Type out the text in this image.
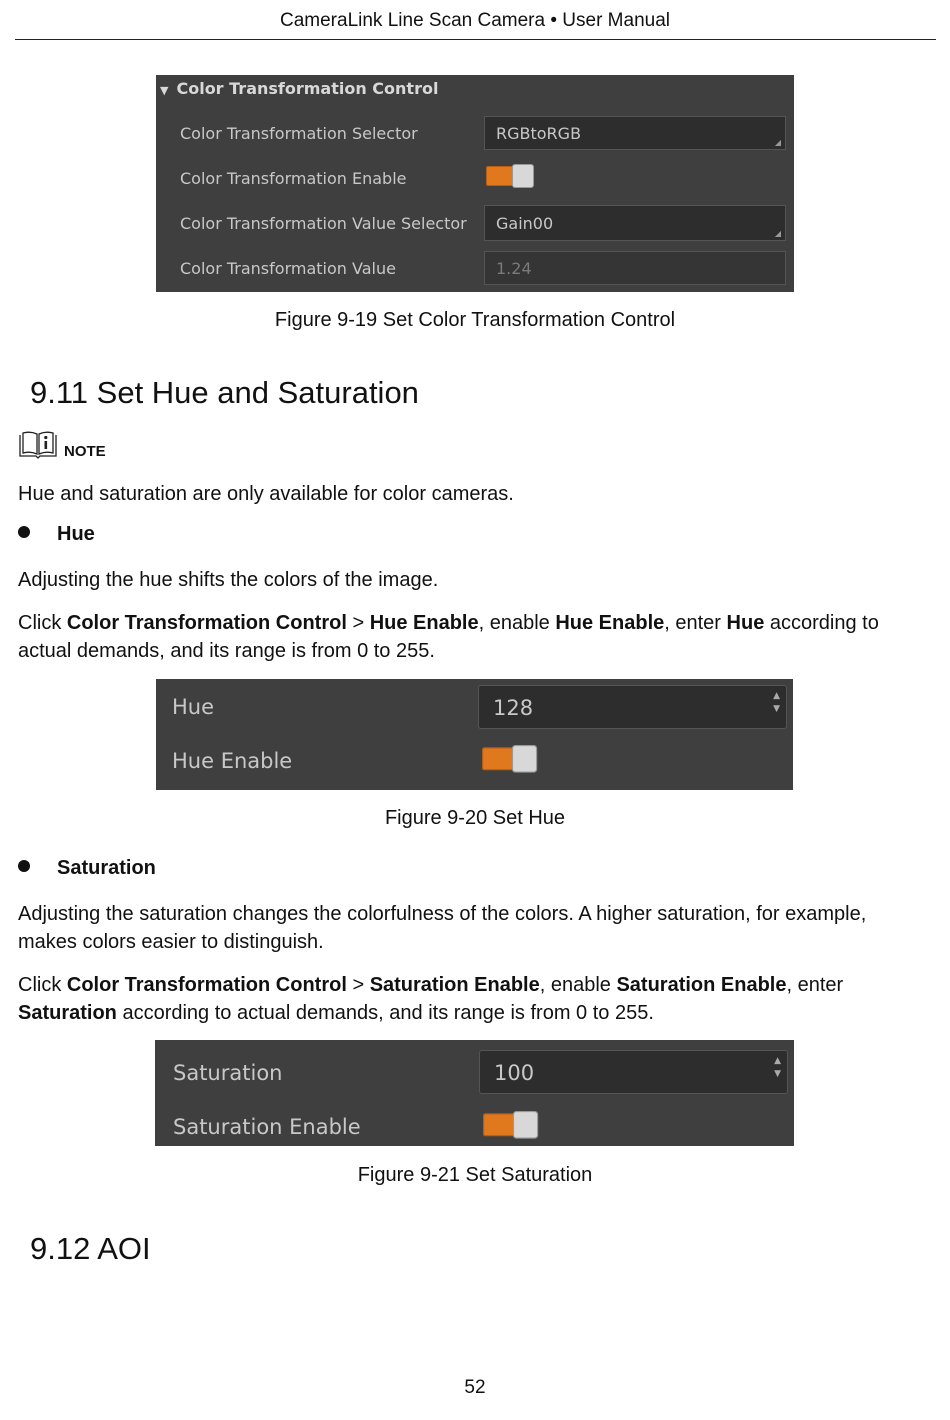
CameraLink Line Scan Camera • User Manual
▼ Color Transformation Control
Color Transformation Selector	RGBtoRGB	◢
Color Transformation Enable
Color Transformation Value Selector	Gain00
◢
Color Transformation Value	1.24
Figure 9-19 Set Color Transformation Control
9.11 Set Hue and Saturation
NOTE
Hue and saturation are only available for color cameras.
Hue
Adjusting the hue shifts the colors of the image.
Click Color Transformation Control > Hue Enable, enable Hue Enable, enter Hue according to actual demands, and its range is from 0 to 255.
Hue	128	▲
▼
Hue Enable
Figure 9-20 Set Hue
Saturation
Adjusting the saturation changes the colorfulness of the colors. A higher saturation, for example, makes colors easier to distinguish.
Click Color Transformation Control > Saturation Enable, enable Saturation Enable, enter
Saturation according to actual demands, and its range is from 0 to 255.
Saturation	100	▲
▼
Saturation Enable
Figure 9-21 Set Saturation
9.12 AOI
52
